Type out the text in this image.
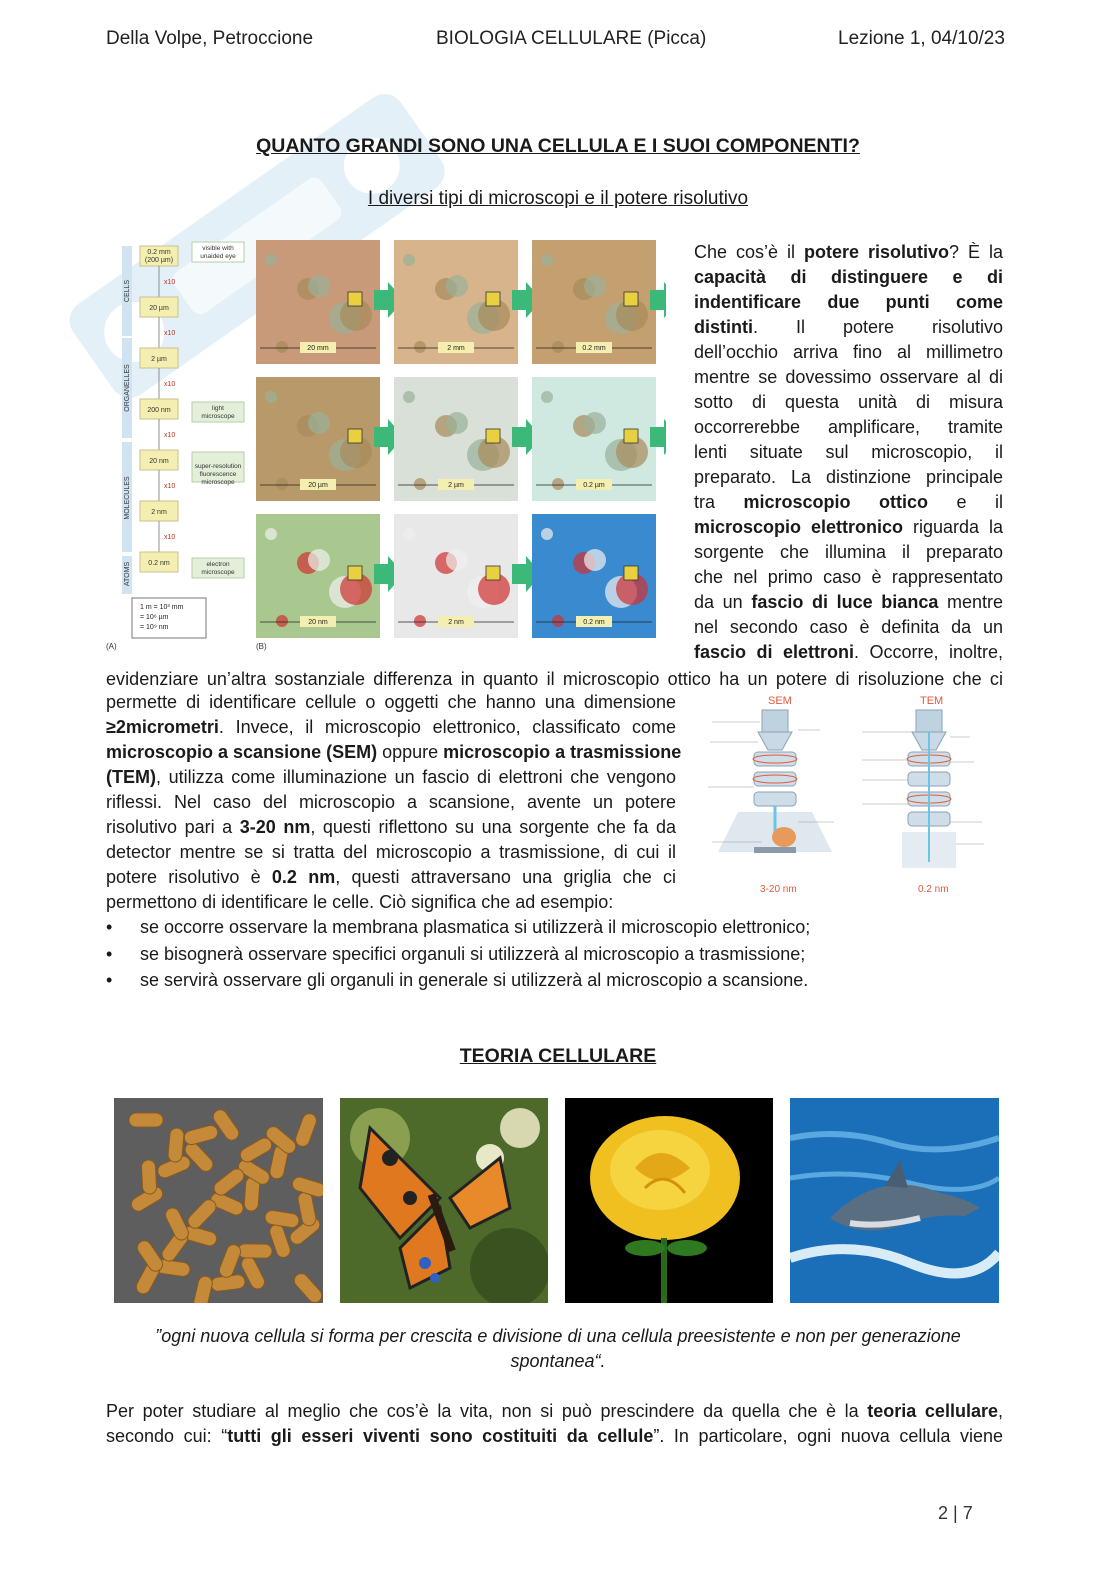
Della Volpe, Petroccione	BIOLOGIA CELLULARE (Picca)	Lezione 1, 04/10/23
QUANTO GRANDI SONO UNA CELLULA E I SUOI COMPONENTI?
I diversi tipi di microscopi e il potere risolutivo
0.2 mm
(200 µm)
x10
20 µm
x10
2 µm
x10
200 nm
x10
20 nm
x10
2 nm
x10
0.2 nm
CELLS
ORGANELLES
MOLECULES
ATOMS
visible with
unaided eye
light
microscope
super-resolution
fluorescence
microscope
electron
microscope
1 m = 10³ mm
= 10⁶ µm
= 10⁹ nm
(A)	(B)
20 mm	2 mm	0.2 mm
20 µm	2 µm	0.2 µm
20 nm	2 nm	0.2 nm
Che cos’è il potere risolutivo? È la
capacità di distinguere e di
indentificare due punti come
distinti. Il potere risolutivo
dell’occhio arriva fino al millimetro
mentre se dovessimo osservare al di
sotto di questa unità di misura
occorrerebbe amplificare, tramite
lenti situate sul microscopio, il
preparato. La distinzione principale
tra microscopio ottico e il
microscopio elettronico riguarda la
sorgente che illumina il preparato
che nel primo caso è rappresentato
da un fascio di luce bianca mentre
nel secondo caso è definita da un
fascio di elettroni. Occorre, inoltre,
evidenziare un’altra sostanziale differenza in quanto il microscopio ottico ha un potere di risoluzione che ci
permette di identificare cellule o oggetti che hanno una dimensione
≥2micrometri. Invece, il microscopio elettronico, classificato come
microscopio a scansione (SEM) oppure microscopio a trasmissione
(TEM), utilizza come illuminazione un fascio di elettroni che vengono
riflessi. Nel caso del microscopio a scansione, avente un potere
risolutivo pari a 3-20 nm, questi riflettono su una sorgente che fa da
detector mentre se si tratta del microscopio a trasmissione, di cui il
potere risolutivo è 0.2 nm, questi attraversano una griglia che ci
permettono di identificare le celle. Ciò significa che ad esempio:
SEM	TEM
3-20 nm	0.2 nm
• se occorre osservare la membrana plasmatica si utilizzerà il microscopio elettronico;
• se bisognerà osservare specifici organuli si utilizzerà al microscopio a trasmissione;
• se servirà osservare gli organuli in generale si utilizzerà al microscopio a scansione.
TEORIA CELLULARE
”ogni nuova cellula si forma per crescita e divisione di una cellula preesistente e non per generazione spontanea“.
Per poter studiare al meglio che cos’è la vita, non si può prescindere da quella che è la teoria cellulare,
secondo cui: “tutti gli esseri viventi sono costituiti da cellule”. In particolare, ogni nuova cellula viene
2 | 7
